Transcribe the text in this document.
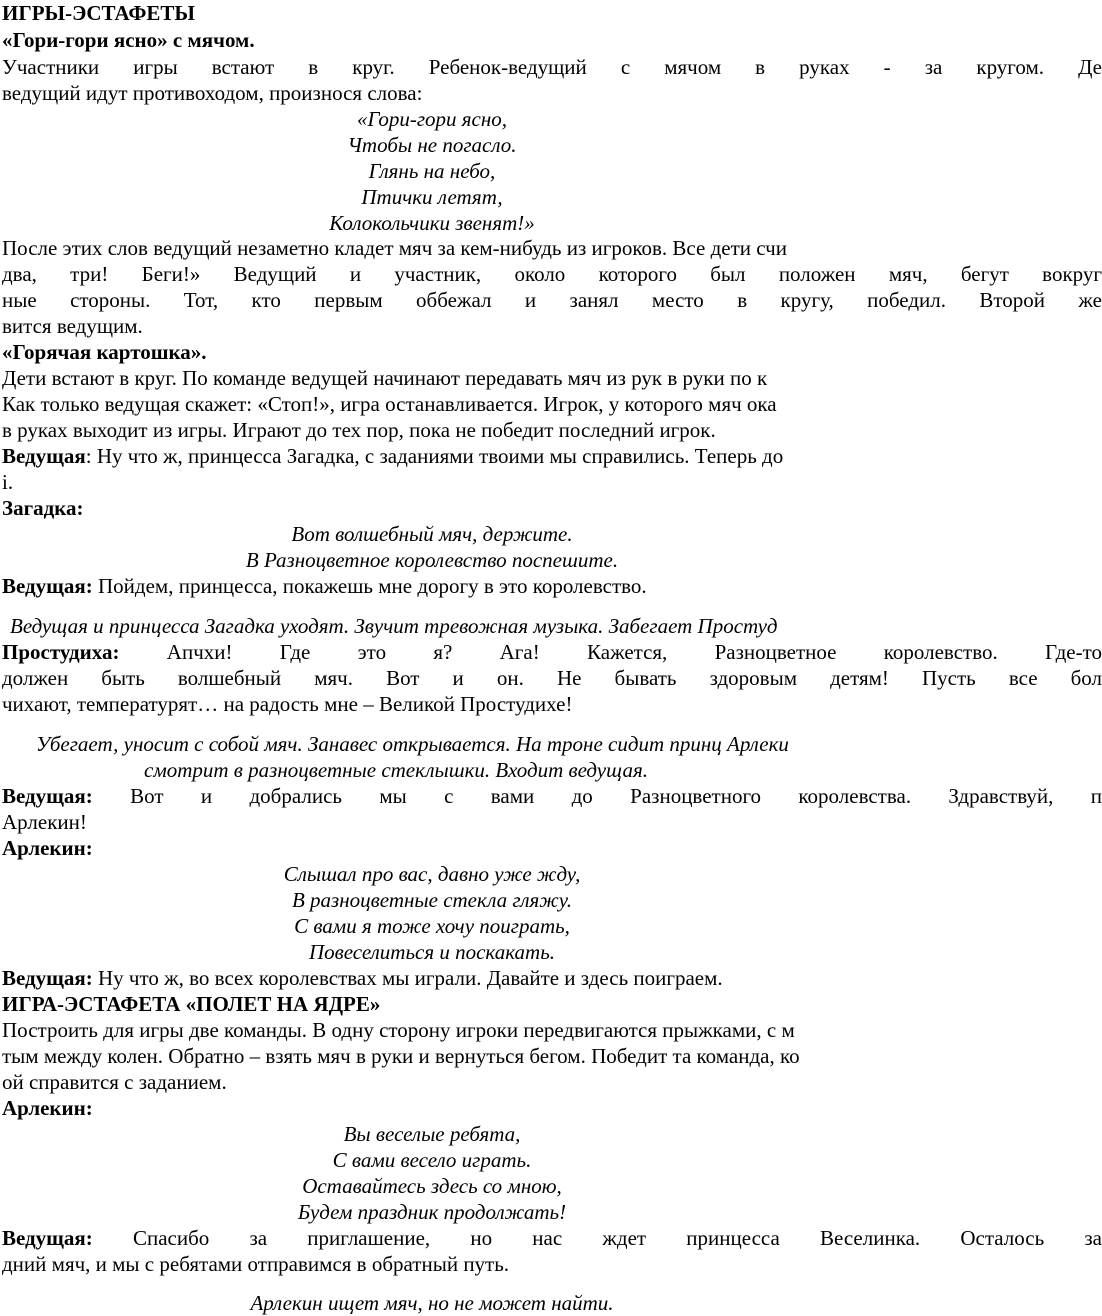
ИГРЫ-ЭСТАФЕТЫ
«Гори-гори ясно» с мячом.
Участники игры встают в круг. Ребенок-ведущий с мячом в руках - за кругом. Де
ведущий идут противоходом, произнося слова:
«Гори-гори ясно,
Чтобы не погасло.
Глянь на небо,
Птички летят,
Колокольчики звенят!»
После этих слов ведущий незаметно кладет мяч за кем-нибудь из игроков. Все дети счи
два, три! Беги!» Ведущий и участник, около которого был положен мяч, бегут вокруг
ные стороны. Тот, кто первым оббежал и занял место в кругу, победил. Второй же
вится ведущим.
«Горячая картошка».
Дети встают в круг. По команде ведущей начинают передавать мяч из рук в руки по к
Как только ведущая скажет: «Стоп!», игра останавливается. Игрок, у которого мяч ока
в руках выходит из игры. Играют до тех пор, пока не победит последний игрок.
Ведущая: Ну что ж, принцесса Загадка, с заданиями твоими мы справились. Теперь до
і.
Загадка:
Вот волшебный мяч, держите.
В Разноцветное королевство поспешите.
Ведущая: Пойдем, принцесса, покажешь мне дорогу в это королевство.
Ведущая и принцесса Загадка уходят. Звучит тревожная музыка. Забегает Простуд
Простудиха: Апчхи! Где это я? Ага! Кажется, Разноцветное королевство. Где-то
должен быть волшебный мяч. Вот и он. Не бывать здоровым детям! Пусть все бол
чихают, температурят… на радость мне – Великой Простудихе!
Убегает, уносит с собой мяч. Занавес открывается. На троне сидит принц Арлеки
смотрит в разноцветные стеклышки. Входит ведущая.
Ведущая: Вот и добрались мы с вами до Разноцветного королевства. Здравствуй, п
Арлекин!
Арлекин:
Слышал про вас, давно уже жду,
В разноцветные стекла гляжу.
С вами я тоже хочу поиграть,
Повеселиться и поскакать.
Ведущая: Ну что ж, во всех королевствах мы играли. Давайте и здесь поиграем.
ИГРА-ЭСТАФЕТА «ПОЛЕТ НА ЯДРЕ»
Построить для игры две команды. В одну сторону игроки передвигаются прыжками, с м
тым между колен. Обратно – взять мяч в руки и вернуться бегом. Победит та команда, ко
ой справится с заданием.
Арлекин:
Вы веселые ребята,
С вами весело играть.
Оставайтесь здесь со мною,
Будем праздник продолжать!
Ведущая: Спасибо за приглашение, но нас ждет принцесса Веселинка. Осталось за
дний мяч, и мы с ребятами отправимся в обратный путь.
Арлекин ищет мяч, но не может найти.
